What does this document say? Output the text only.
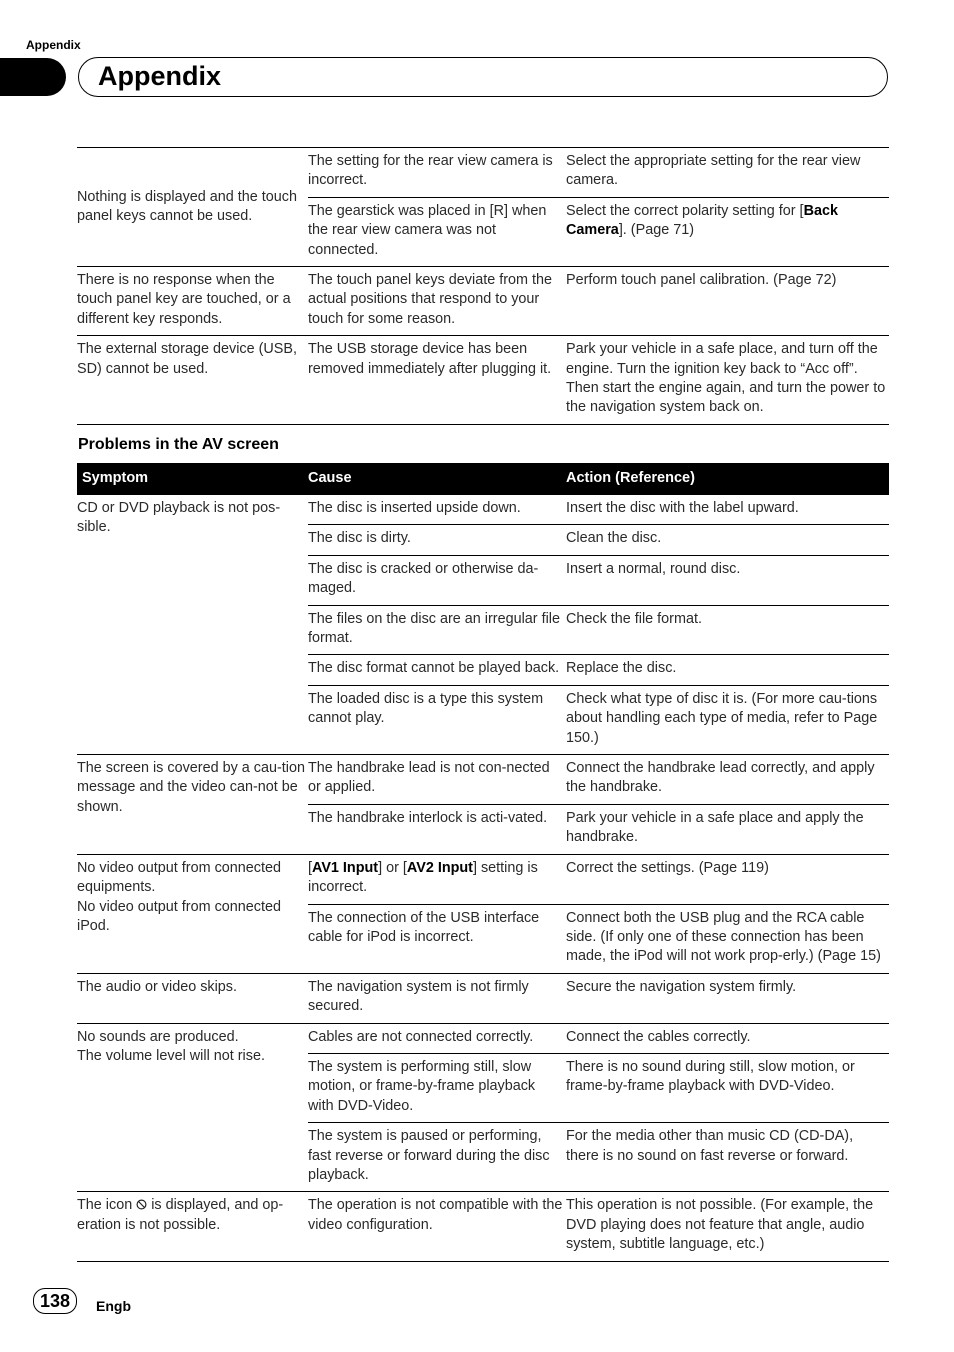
Appendix
Appendix
Nothing is displayed and the touch panel keys cannot be used.	The setting for the rear view camera is incorrect.	Select the appropriate setting for the rear view camera.
	The gearstick was placed in [R] when the rear view camera was not connected.	Select the correct polarity setting for [Back Camera]. (Page 71)
There is no response when the touch panel key are touched, or a different key responds.	The touch panel keys deviate from the actual positions that respond to your touch for some reason.	Perform touch panel calibration. (Page 72)
The external storage device (USB, SD) cannot be used.	The USB storage device has been removed immediately after plugging it.	Park your vehicle in a safe place, and turn off the engine. Turn the ignition key back to “Acc off”. Then start the engine again, and turn the power to the navigation system back on.
Problems in the AV screen
Symptom	Cause	Action (Reference)
CD or DVD playback is not pos-sible.	The disc is inserted upside down.	Insert the disc with the label upward.
	The disc is dirty.	Clean the disc.
	The disc is cracked or otherwise da-maged.	Insert a normal, round disc.
	The files on the disc are an irregular file format.	Check the file format.
	The disc format cannot be played back.	Replace the disc.
	The loaded disc is a type this system cannot play.	Check what type of disc it is. (For more cau-tions about handling each type of media, refer to Page 150.)
The screen is covered by a cau-tion message and the video can-not be shown.	The handbrake lead is not con-nected or applied.	Connect the handbrake lead correctly, and apply the handbrake.
	The handbrake interlock is acti-vated.	Park your vehicle in a safe place and apply the handbrake.

No video output from connected equipments.
No video output from connected iPod.	[AV1 Input] or [AV2 Input] setting is incorrect.	Correct the settings. (Page 119)
	The connection of the USB interface cable for iPod is incorrect.	Connect both the USB plug and the RCA cable side. (If only one of these connection has been made, the iPod will not work prop-erly.) (Page 15)
The audio or video skips.	The navigation system is not firmly secured.	Secure the navigation system firmly.

No sounds are produced.
The volume level will not rise.	Cables are not connected correctly.	Connect the cables correctly.
	The system is performing still, slow motion, or frame-by-frame playback with DVD-Video.	There is no sound during still, slow motion, or frame-by-frame playback with DVD-Video.
	The system is paused or performing, fast reverse or forward during the disc playback.	For the media other than music CD (CD-DA), there is no sound on fast reverse or forward.
The icon  is displayed, and op-eration is not possible.	The operation is not compatible with the video configuration.	This operation is not possible. (For example, the DVD playing does not feature that angle, audio system, subtitle language, etc.)
138	Engb
